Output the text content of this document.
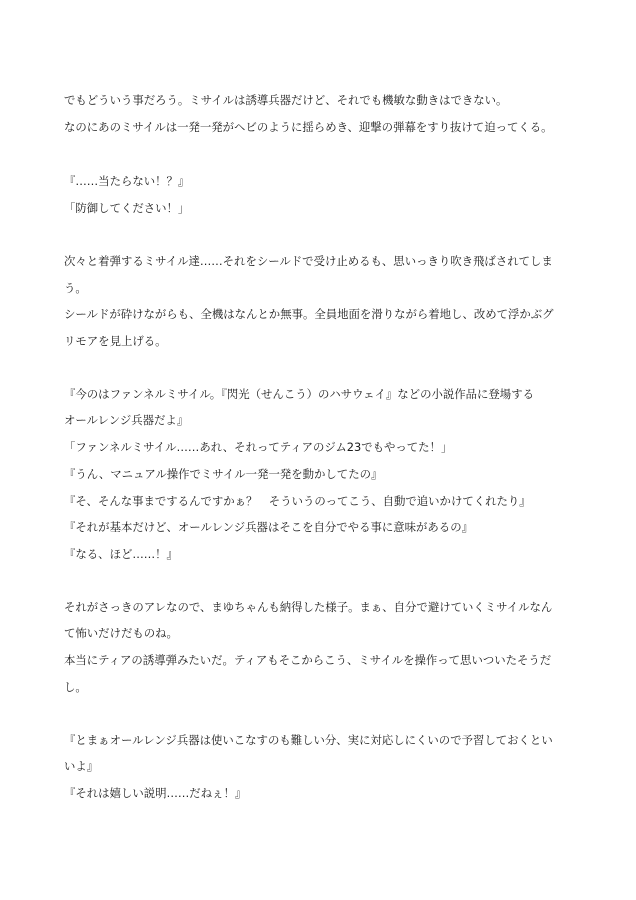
でもどういう事だろう。ミサイルは誘導兵器だけど、それでも機敏な動きはできない。

なのにあのミサイルは一発一発がヘビのように揺らめき、迎撃の弾幕をすり抜けて迫ってくる。

『……当たらない！？』

「防御してください！」

次々と着弾するミサイル達……それをシールドで受け止めるも、思いっきり吹き飛ばされてしま

う。

シールドが砕けながらも、全機はなんとか無事。全員地面を滑りながら着地し、改めて浮かぶグ

リモアを見上げる。

『今のはファンネルミサイル。『閃光（せんこう）のハサウェイ』などの小説作品に登場する

オールレンジ兵器だよ』

「ファンネルミサイル……あれ、それってティアのジム23でもやってた！」

『うん、マニュアル操作でミサイル一発一発を動かしてたの』

『そ、そんな事までするんですかぁ？　そういうのってこう、自動で追いかけてくれたり』

『それが基本だけど、オールレンジ兵器はそこを自分でやる事に意味があるの』

『なる、ほど……！』

それがさっきのアレなので、まゆちゃんも納得した様子。まぁ、自分で避けていくミサイルなん

て怖いだけだものね。

本当にティアの誘導弾みたいだ。ティアもそこからこう、ミサイルを操作って思いついたそうだ

し。

『とまぁオールレンジ兵器は使いこなすのも難しい分、実に対応しにくいので予習しておくとい

いよ』

『それは嬉しい説明……だねぇ！』
